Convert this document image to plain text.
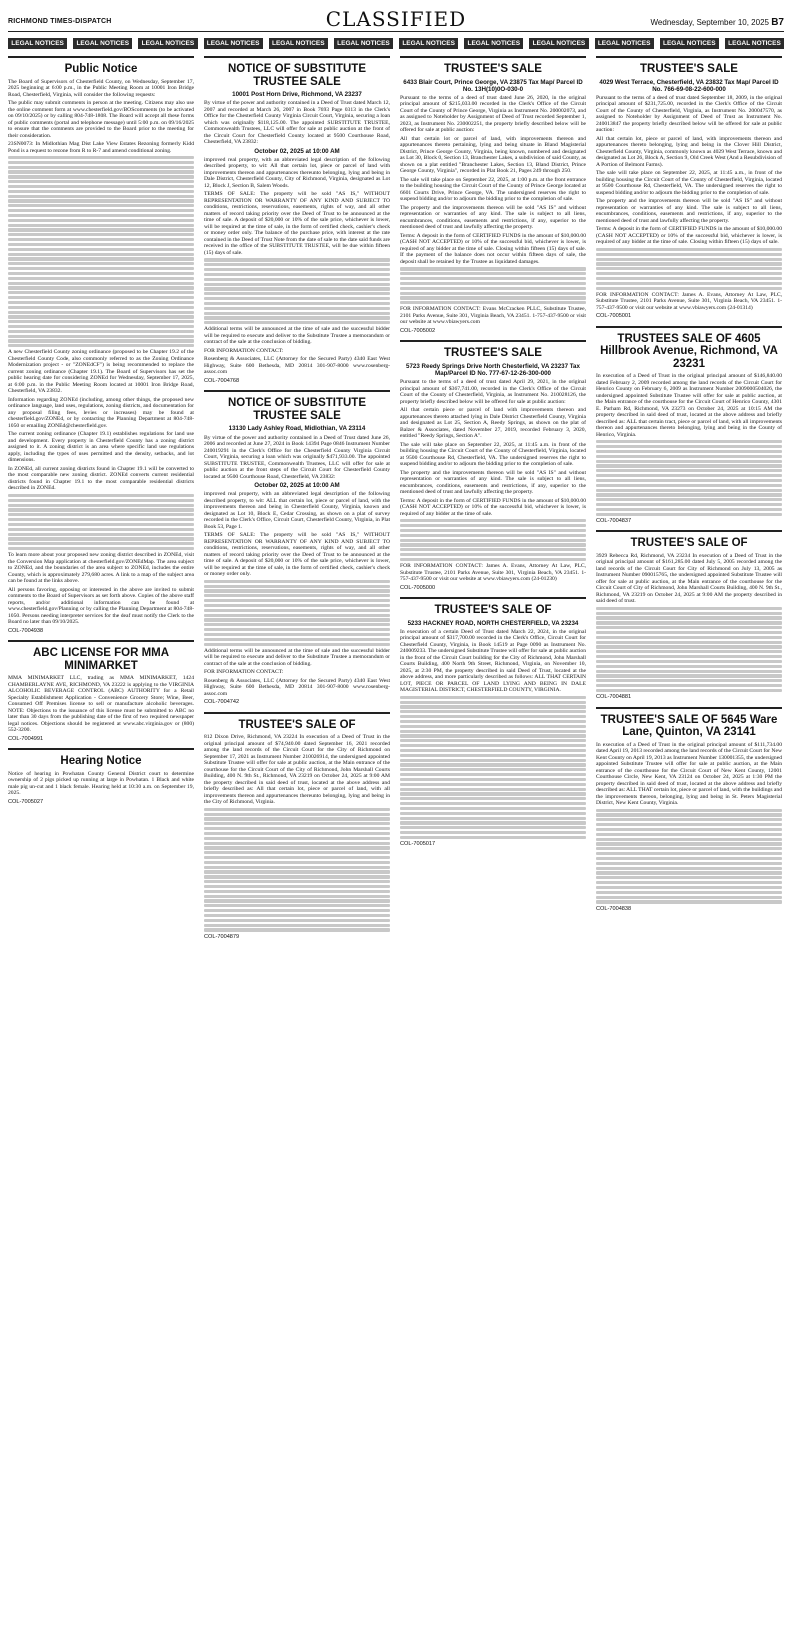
RICHMOND TIMES-DISPATCH	CLASSIFIED	Wednesday, September 10, 2025 B7
LEGAL NOTICES	LEGAL NOTICES	LEGAL NOTICES	LEGAL NOTICES	LEGAL NOTICES	LEGAL NOTICES	LEGAL NOTICES	LEGAL NOTICES	LEGAL NOTICES	LEGAL NOTICES	LEGAL NOTICES	LEGAL NOTICES
Public Notice

The Board of Supervisors of Chesterfield County, on Wednesday, September 17, 2025 beginning at 6:00 p.m., in the Public Meeting Room at 10001 Iron Bridge Road, Chesterfield, Virginia, will consider the following requests:

The public may submit comments in person at the meeting. Citizens may also use the online comment form at www.chesterfield.gov/BOScomments (to be activated on 09/10/2025) or by calling 804-748-1808. The Board will accept all these forms of public comments (portal and telephone message) until 5:00 p.m. on 09/16/2025 to ensure that the comments are provided to the Board prior to the meeting for their consideration.

23SN0073: In Midlothian Mag Dist Lake View Estates Rezoning formerly Kidd Pond is a request to rezone from R to R-7 and amend conditional zoning.

A new Chesterfield County zoning ordinance (proposed to be Chapter 19.2 of the Chesterfield County Code, also commonly referred to as the Zoning Ordinance Modernization project - or "ZONEdCF") is being recommended to replace the current zoning ordinance (Chapter 19.1). The Board of Supervisors has set the public hearing date for considering ZONEd for Wednesday, September 17, 2025, at 6:00 p.m. in the Public Meeting Room located at 10001 Iron Bridge Road, Chesterfield, VA 23832.

Information regarding ZONEd (including, among other things, the proposed new ordinance language, land uses, regulations, zoning districts, and documentation for any proposal filing fees, levies or increases) may be found at chesterfield.gov/ZONEd, or by contacting the Planning Department at 804-748-1050 or emailing ZONEd@chesterfield.gov.

The current zoning ordinance (Chapter 19.1) establishes regulations for land use and development. Every property in Chesterfield County has a zoning district assigned to it. A zoning district is an area where specific land use regulations apply, including the types of uses permitted and the density, setbacks, and lot dimensions.

In ZONEd, all current zoning districts found in Chapter 19.1 will be converted to the most comparable new zoning district. ZONEd converts current residential districts found in Chapter 19.1 to the most comparable residential districts described in ZONEd.

To learn more about your proposed new zoning district described in ZONEd, visit the Conversion Map application at chesterfield.gov/ZONEdMap. The area subject to ZONEd, and the boundaries of the area subject to ZONEd, includes the entire County, which is approximately 279,680 acres. A link to a map of the subject area can be found at the links above.

All persons favoring, opposing or interested in the above are invited to submit comments to the Board of Supervisors as set forth above. Copies of the above staff reports, and/or additional information can be found at www.chesterfield.gov/Planning or by calling the Planning Department at 804-748-1050. Persons needing interpreter services for the deaf must notify the Clerk to the Board no later than 09/10/2025.

COL-7004938
ABC LICENSE FOR MMA MINIMARKET

MMA MINIMARKET LLC, trading as MMA MINIMARKET, 1424 CHAMBERLAYNE AVE, RICHMOND, VA 23222 is applying to the VIRGINIA ALCOHOLIC BEVERAGE CONTROL (ABC) AUTHORITY for a Retail Specialty Establishment Application - Convenience Grocery Store; Wine, Beer, Consumed Off Premises license to sell or manufacture alcoholic beverages. NOTE: Objections to the issuance of this license must be submitted to ABC no later than 30 days from the publishing date of the first of two required newspaper legal notices. Objections should be registered at www.abc.virginia.gov or (800) 552-3200.

COL-7004991
Hearing Notice

Notice of hearing in Powhatan County General District court to determine ownership of 2 pigs picked up running at large in Powhatan. 1 Black and white male pig un-cut and 1 black female. Hearing held at 10:30 a.m. on September 19, 2025.

COL-7005027
NOTICE OF SUBSTITUTE TRUSTEE SALE
10001 Post Horn Drive, Richmond, VA 23237

By virtue of the power and authority contained in a Deed of Trust dated March 12, 2007 and recorded at March 26, 2007 in Book 7693 Page 0313 in the Clerk's Office for the Chesterfield County Virginia Circuit Court, Virginia, securing a loan which was originally $118,125.00. The appointed SUBSTITUTE TRUSTEE, Commonwealth Trustees, LLC will offer for sale at public auction at the front of the Circuit Court for Chesterfield County located at 9500 Courthouse Road, Chesterfield, VA 23832:

October 02, 2025 at 10:00 AM

improved real property, with an abbreviated legal description of the following described property, to wit: All that certain lot, piece or parcel of land with improvements thereon and appurtenances thereunto belonging, lying and being in Dale District, Chesterfield County, City of Richmond, Virginia, designated as Lot 12, Block J, Section B, Salem Woods.

TERMS OF SALE: The property will be sold "AS IS," WITHOUT REPRESENTATION OR WARRANTY OF ANY KIND AND SUBJECT TO conditions, restrictions, reservations, easements, rights of way, and all other matters of record taking priority over the Deed of Trust to be announced at the time of sale. A deposit of $20,000 or 10% of the sale price, whichever is lower, will be required at the time of sale, in the form of certified check, cashier's check or money order only. The balance of the purchase price, with interest at the rate contained in the Deed of Trust Note from the date of sale to the date said funds are received in the office of the SUBSTITUTE TRUSTEE, will be due within fifteen (15) days of sale.

Additional terms will be announced at the time of sale and the successful bidder will be required to execute and deliver to the Substitute Trustee a memorandum or contract of the sale at the conclusion of bidding.

FOR INFORMATION CONTACT:

Rosenberg & Associates, LLC (Attorney for the Secured Party) 4340 East West Highway, Suite 600 Bethesda, MD 20814 301-907-8000 www.rosenberg-assoc.com

COL-7004768
NOTICE OF SUBSTITUTE TRUSTEE SALE
13130 Lady Ashley Road, Midlothian, VA 23114

By virtue of the power and authority contained in a Deed of Trust dated June 26, 2006 and recorded at June 27, 2024 in Book 14394 Page 0846 Instrument Number 240019291 in the Clerk's Office for the Chesterfield County Virginia Circuit Court, Virginia, securing a loan which was originally $471,933.00. The appointed SUBSTITUTE TRUSTEE, Commonwealth Trustees, LLC will offer for sale at public auction at the front steps of the Circuit Court for Chesterfield County located at 9500 Courthouse Road, Chesterfield, VA 23832:

October 02, 2025 at 10:00 AM

improved real property, with an abbreviated legal description of the following described property, to wit: ALL that certain lot, piece or parcel of land, with the improvements thereon and being in Chesterfield County, Virginia, known and designated as Lot 10, Block E, Cedar Crossing, as shown on a plat of survey recorded in the Clerk's Office, Circuit Court, Chesterfield County, Virginia, in Plat Book 53, Page 1.

TERMS OF SALE: The property will be sold "AS IS," WITHOUT REPRESENTATION OR WARRANTY OF ANY KIND AND SUBJECT TO conditions, restrictions, reservations, easements, rights of way, and all other matters of record taking priority over the Deed of Trust to be announced at the time of sale. A deposit of $20,000 or 10% of the sale price, whichever is lower, will be required at the time of sale, in the form of certified check, cashier's check or money order only.

Additional terms will be announced at the time of sale and the successful bidder will be required to execute and deliver to the Substitute Trustee a memorandum or contract of the sale at the conclusion of bidding.

FOR INFORMATION CONTACT:

Rosenberg & Associates, LLC (Attorney for the Secured Party) 4340 East West Highway, Suite 600 Bethesda, MD 20814 301-907-8000 www.rosenberg-assoc.com

COL-7004742
TRUSTEE'S SALE OF

812 Dixon Drive, Richmond, VA 23224 In execution of a Deed of Trust in the original principal amount of $74,940.00 dated September 16, 2021 recorded among the land records of the Circuit Court for the City of Richmond on September 17, 2021 as Instrument Number 210026914, the undersigned appointed Substitute Trustee will offer for sale at public auction, at the Main entrance of the courthouse for the Circuit Court of the City of Richmond, John Marshall Courts Building, 400 N. 9th St., Richmond, VA 23219 on October 24, 2025 at 9:00 AM the property described in said deed of trust, located at the above address and briefly described as: All that certain lot, piece or parcel of land, with all improvements thereon and appurtenances thereunto belonging, lying and being in the City of Richmond, Virginia.

COL-7004879
TRUSTEE'S SALE
6433 Blair Court, Prince George, VA 23875 Tax Map/ Parcel ID No. 13H(10)0O-030-0

Pursuant to the terms of a deed of trust dated June 26, 2020, in the original principal amount of $215,033.00 recorded in the Clerk's Office of the Circuit Court of the County of Prince George, Virginia as Instrument No. 200002073, and as assigned to Noteholder by Assignment of Deed of Trust recorded September 1, 2023, as Instrument No. 230002251, the property briefly described below will be offered for sale at public auction:

All that certain lot or parcel of land, with improvements thereon and appurtenances thereto pertaining, lying and being situate in Bland Magisterial District, Prince George County, Virginia, being known, numbered and designated as Lot 30, Block 0, Section 13, Branchester Lakes, a subdivision of said County, as shown on a plat entitled "Branchester Lakes, Section 13, Bland District, Prince George County, Virginia", recorded in Plat Book 21, Pages 249 through 250.

The sale will take place on September 22, 2025, at 1:00 p.m. at the front entrance to the building housing the Circuit Court of the County of Prince George located at 6601 Courts Drive, Prince George, VA. The undersigned reserves the right to suspend bidding and/or to adjourn the bidding prior to the completion of sale.

The property and the improvements thereon will be sold "AS IS" and without representation or warranties of any kind. The sale is subject to all liens, encumbrances, conditions, easements and restrictions, if any, superior to the mentioned deed of trust and lawfully affecting the property.

Terms: A deposit in the form of CERTIFIED FUNDS in the amount of $10,000.00 (CASH NOT ACCEPTED) or 10% of the successful bid, whichever is lower, is required of any bidder at the time of sale. Closing within fifteen (15) days of sale. If the payment of the balance does not occur within fifteen days of sale, the deposit shall be retained by the Trustee as liquidated damages.

FOR INFORMATION CONTACT: Evans McCracken PLLC, Substitute Trustee, 2101 Parks Avenue, Suite 301, Virginia Beach, VA 23451. 1-757-437-9500 or visit our website at www.vbiawyers.com

COL-7005002
TRUSTEE'S SALE
5723 Reedy Springs Drive North Chesterfield, VA 23237 Tax Map/Parcel ID No. 777-67-12-26-300-000

Pursuant to the terms of a deed of trust dated April 29, 2021, in the original principal amount of $367,741.00, recorded in the Clerk's Office of the Circuit Court of the County of Chesterfield, Virginia, as Instrument No. 210028126, the property briefly described below will be offered for sale at public auction:

All that certain piece or parcel of land with improvements thereon and appurtenances thereto attached lying in Dale District Chesterfield County, Virginia and designated as Lot 25, Section A, Reedy Springs, as shown on the plat of Balzer & Associates, dated November 27, 2019, recorded February 3, 2020, entitled "Reedy Springs, Section A".

The sale will take place on September 22, 2025, at 11:45 a.m. in front of the building housing the Circuit Court of the County of Chesterfield, Virginia, located at 9500 Courthouse Rd, Chesterfield, VA. The undersigned reserves the right to suspend bidding and/or to adjourn the bidding prior to the completion of sale.

The property and the improvements thereon will be sold "AS IS" and without representation or warranties of any kind. The sale is subject to all liens, encumbrances, conditions, easements and restrictions, if any, superior to the mentioned deed of trust and lawfully affecting the property.

Terms: A deposit in the form of CERTIFIED FUNDS in the amount of $10,000.00 (CASH NOT ACCEPTED) or 10% of the successful bid, whichever is lower, is required of any bidder at the time of sale.

FOR INFORMATION CONTACT: James A. Evans, Attorney At Law, PLC, Substitute Trustee, 2101 Parks Avenue, Suite 301, Virginia Beach, VA 23451. 1-757-437-9500 or visit our website at www.vbiawyers.com (24-01230)

COL-7005000
TRUSTEE'S SALE OF
5233 HACKNEY ROAD, NORTH CHESTERFIELD, VA 23234

In execution of a certain Deed of Trust dated March 22, 2024, in the original principal amount of $317,700.00 recorded in the Clerk's Office, Circuit Court for Chesterfield County, Virginia, in Book 14519 at Page 0090 as Instrument No. 240009233. The undersigned Substitute Trustee will offer for sale at public auction in the front of the Circuit Court building for the City of Richmond, John Marshall Courts Building, 400 North 9th Street, Richmond, Virginia, on November 10, 2025, at 2:30 PM, the property described in said Deed of Trust, located at the above address, and more particularly described as follows: ALL THAT CERTAIN LOT, PIECE OR PARCEL OF LAND LYING AND BEING IN DALE MAGISTERIAL DISTRICT, CHESTERFIELD COUNTY, VIRGINIA.

COL-7005017
TRUSTEE'S SALE
4029 West Terrace, Chesterfield, VA 23832 Tax Map/ Parcel ID No. 766-69-08-22-600-000

Pursuant to the terms of a deed of trust dated September 18, 2009, in the original principal amount of $231,725.00, recorded in the Clerk's Office of the Circuit Court of the County of Chesterfield, Virginia, as Instrument No. 200047570, as assigned to Noteholder by Assignment of Deed of Trust as Instrument No. 240013847 the property briefly described below will be offered for sale at public auction:

All that certain lot, piece or parcel of land, with improvements thereon and appurtenances thereto belonging, lying and being in the Clover Hill District, Chesterfield County, Virginia, commonly known as 4029 West Terrace, known and designated as Lot 26, Block A, Section 9, Old Creek West (And a Resubdivision of A Portion of Belmont Farms).

The sale will take place on September 22, 2025, at 11:45 a.m., in front of the building housing the Circuit Court of the County of Chesterfield, Virginia, located at 9500 Courthouse Rd, Chesterfield, VA. The undersigned reserves the right to suspend bidding and/or to adjourn the bidding prior to the completion of sale.

The property and the improvements thereon will be sold "AS IS" and without representation or warranties of any kind. The sale is subject to all liens, encumbrances, conditions, easements and restrictions, if any, superior to the mentioned deed of trust and lawfully affecting the property.

Terms: A deposit in the form of CERTIFIED FUNDS in the amount of $10,000.00 (CASH NOT ACCEPTED) or 10% of the successful bid, whichever is lower, is required of any bidder at the time of sale. Closing within fifteen (15) days of sale.

FOR INFORMATION CONTACT: James A. Evans, Attorney At Law, PLC, Substitute Trustee, 2101 Parks Avenue, Suite 301, Virginia Beach, VA 23451. 1-757-437-9500 or visit our website at www.vbiawyers.com (24-01314)

COL-7005001
TRUSTEES SALE OF 4605 Hillbrook Avenue, Richmond, VA 23231

In execution of a Deed of Trust in the original principal amount of $146,840.00 dated February 2, 2009 recorded among the land records of the Circuit Court for Henrico County on February 6, 2009 as Instrument Number 2009000504026, the undersigned appointed Substitute Trustee will offer for sale at public auction, at the Main entrance of the courthouse for the Circuit Court of Henrico County, 4301 E. Parham Rd, Richmond, VA 23273 on October 24, 2025 at 10:15 AM the property described in said deed of trust, located at the above address and briefly described as: ALL that certain tract, piece or parcel of land, with all improvements thereon and appurtenances thereto belonging, lying and being in the County of Henrico, Virginia.

COL-7004837
TRUSTEE'S SALE OF

3929 Rebecca Rd, Richmond, VA 23234 In execution of a Deed of Trust in the original principal amount of $161,285.00 dated July 5, 2005 recorded among the land records of the Circuit Court for City of Richmond on July 13, 2005 as Instrument Number 090015765, the undersigned appointed Substitute Trustee will offer for sale at public auction, at the Main entrance of the courthouse for the Circuit Court of City of Richmond, John Marshall Courts Building, 400 N. 9th St., Richmond, VA 23219 on October 24, 2025 at 9:00 AM the property described in said deed of trust.

COL-7004881
TRUSTEE'S SALE OF 5645 Ware Lane, Quinton, VA 23141

In execution of a Deed of Trust in the original principal amount of $111,734.00 dated April 19, 2013 recorded among the land records of the Circuit Court for New Kent County on April 19, 2013 as Instrument Number 130001355, the undersigned appointed Substitute Trustee will offer for sale at public auction, at the Main entrance of the courthouse for the Circuit Court of New Kent County, 12001 Courthouse Circle, New Kent, VA 23124 on October 24, 2025 at 1:30 PM the property described in said deed of trust, located at the above address and briefly described as: ALL THAT certain lot, piece or parcel of land, with the buildings and the improvements thereon, belonging, lying and being in St. Peters Magisterial District, New Kent County, Virginia.

COL-7004838
